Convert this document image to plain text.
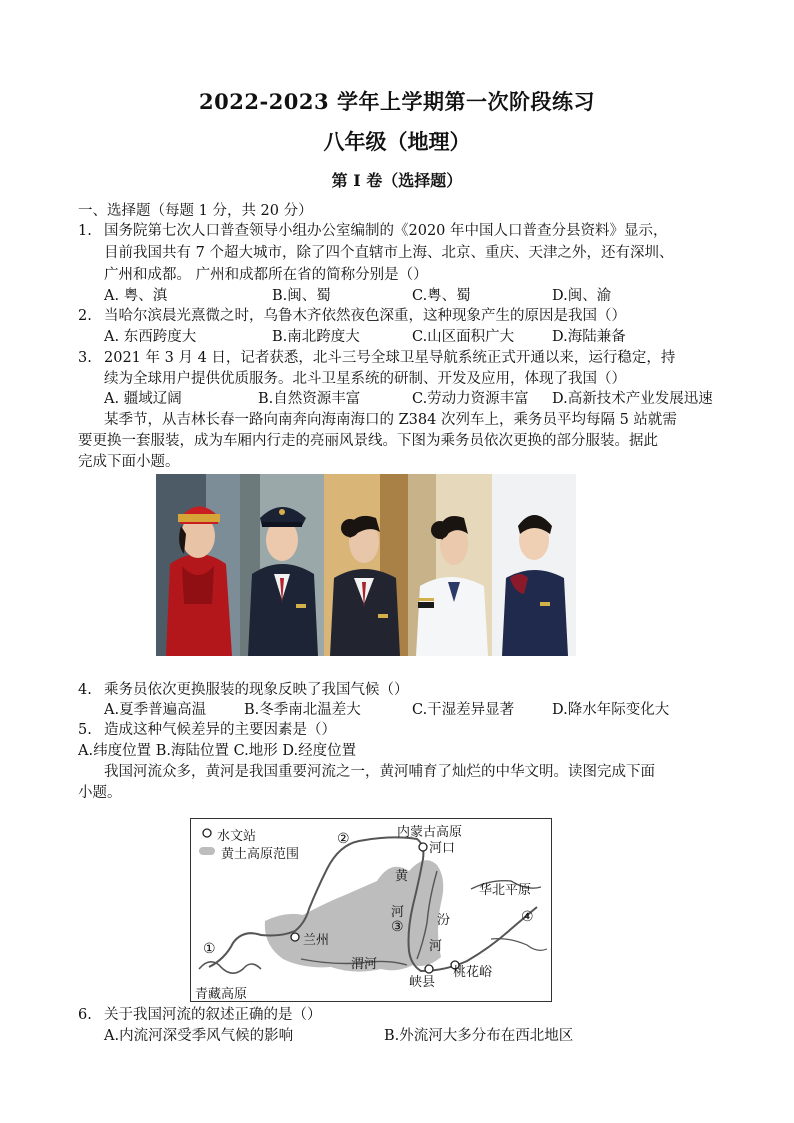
2022-2023 学年上学期第一次阶段练习
八年级（地理）
第 I 卷（选择题）
一、选择题（每题 1 分，共 20 分）
1. 国务院第七次人口普查领导小组办公室编制的《2020 年中国人口普查分县资料》显示，
目前我国共有 7 个超大城市，除了四个直辖市上海、北京、重庆、天津之外，还有深圳、
广州和成都。 广州和成都所在省的简称分别是（）
A. 粤、滇	B.闽、蜀	C.粤、蜀	D.闽、渝
2. 当哈尔滨晨光熹微之时，乌鲁木齐依然夜色深重，这种现象产生的原因是我国（）
A. 东西跨度大	B.南北跨度大	C.山区面积广大	D.海陆兼备
3. 2021 年 3 月 4 日，记者获悉，北斗三号全球卫星导航系统正式开通以来，运行稳定，持
续为全球用户提供优质服务。北斗卫星系统的研制、开发及应用，体现了我国（）
A. 疆域辽阔	B.自然资源丰富	C.劳动力资源丰富 D.高新技术产业发展迅速
某季节，从吉林长春一路向南奔向海南海口的 Z384 次列车上，乘务员平均每隔 5 站就需
要更换一套服装，成为车厢内行走的亮丽风景线。下图为乘务员依次更换的部分服装。据此
完成下面小题。
4. 乘务员依次更换服装的现象反映了我国气候（）
A.夏季普遍高温	B.冬季南北温差大	C.干湿差异显著	D.降水年际变化大
5. 造成这种气候差异的主要因素是（）
A.纬度位置 B.海陆位置 C.地形 D.经度位置
我国河流众多，黄河是我国重要河流之一，黄河哺育了灿烂的中华文明。读图完成下面
小题。
水文站
黄土高原范围
内蒙古高原
河口
华北平原
兰州
渭河
峡县
桃花峪
青藏高原
黄
河
汾
河
①
②
③
④
6. 关于我国河流的叙述正确的是（）
A.内流河深受季风气候的影响	B.外流河大多分布在西北地区
